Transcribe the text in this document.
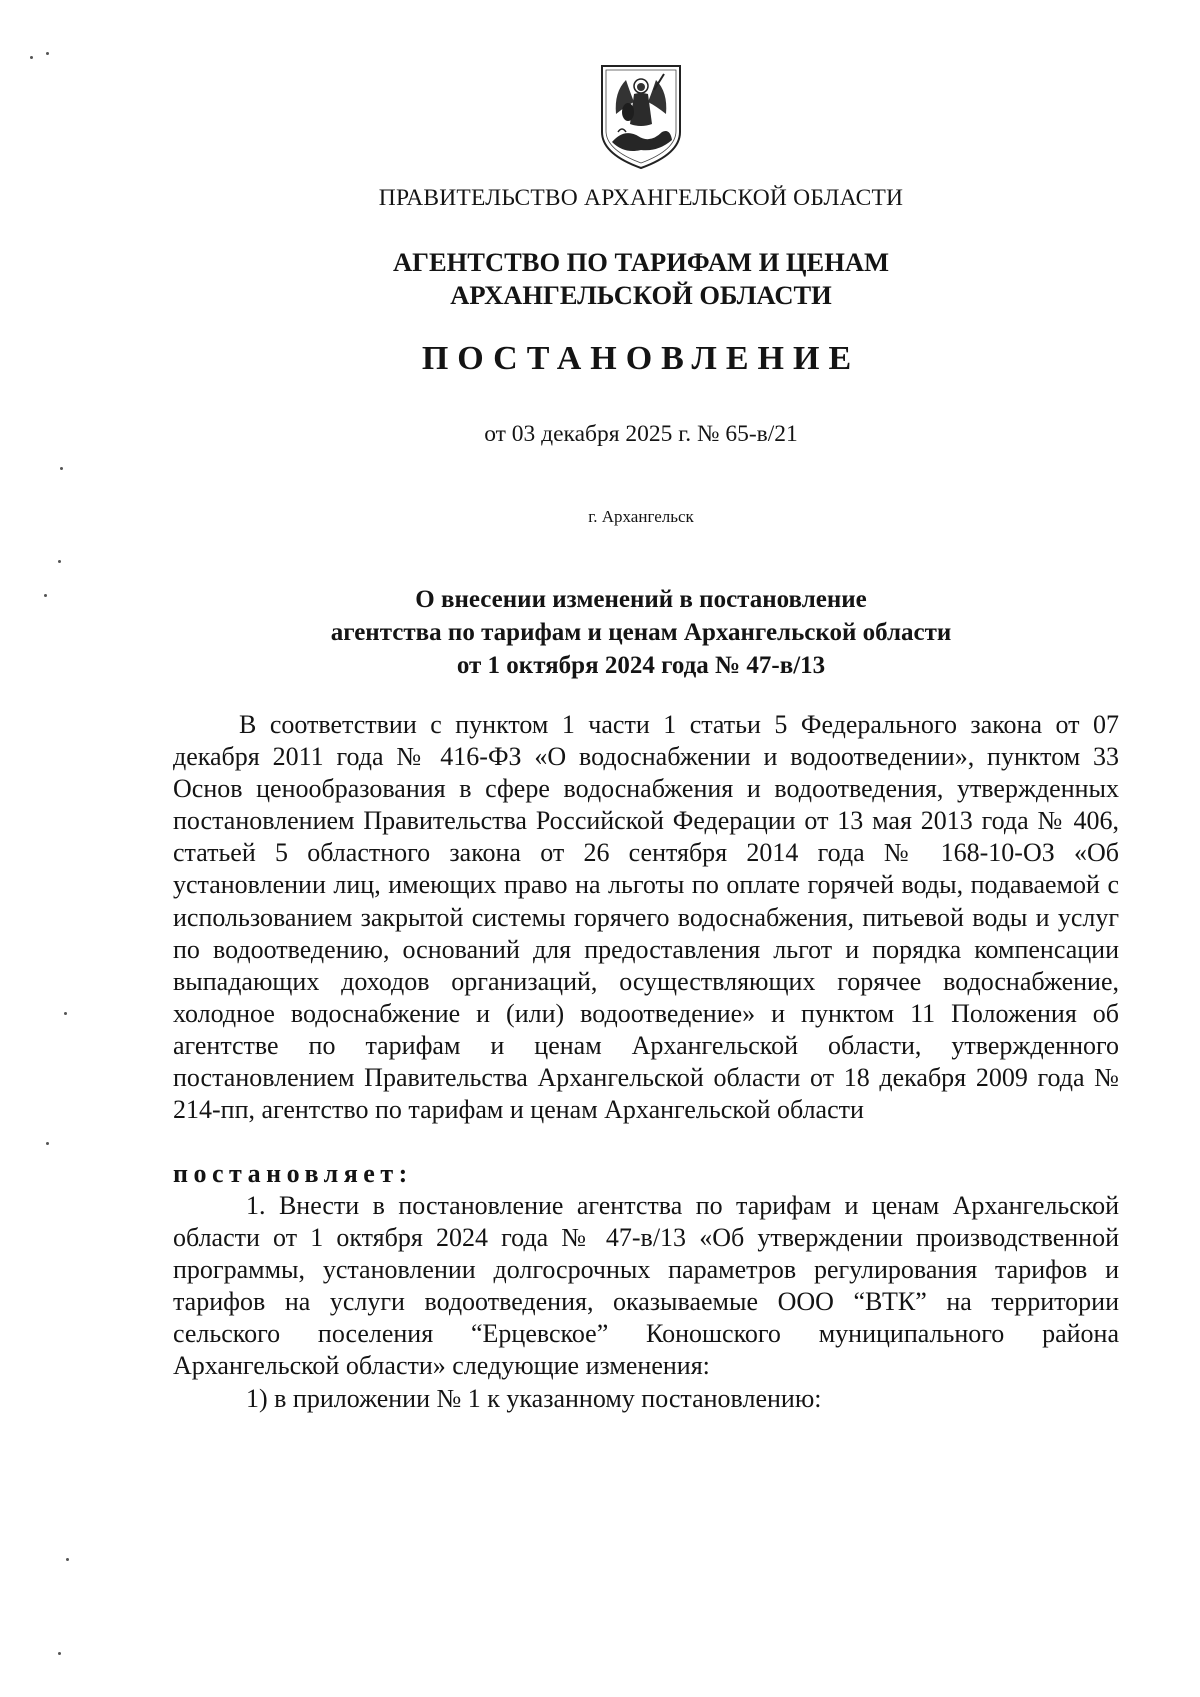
ПРАВИТЕЛЬСТВО АРХАНГЕЛЬСКОЙ ОБЛАСТИ
АГЕНТСТВО ПО ТАРИФАМ И ЦЕНАМ
АРХАНГЕЛЬСКОЙ ОБЛАСТИ
ПОСТАНОВЛЕНИЕ
от 03 декабря 2025 г. № 65-в/21
г. Архангельск
О внесении изменений в постановление
агентства по тарифам и ценам Архангельской области
от 1 октября 2024 года № 47-в/13
В соответствии с пунктом 1 части 1 статьи 5 Федерального закона от 07 декабря 2011 года № 416-ФЗ «О водоснабжении и водоотведении», пунктом 33 Основ ценообразования в сфере водоснабжения и водоотведения, утвержденных постановлением Правительства Российской Федерации от 13 мая 2013 года № 406, статьей 5 областного закона от 26 сентября 2014 года № 168-10-ОЗ «Об установлении лиц, имеющих право на льготы по оплате горячей воды, подаваемой с использованием закрытой системы горячего водоснабжения, питьевой воды и услуг по водоотведению, оснований для предоставления льгот и порядка компенсации выпадающих доходов организаций, осуществляющих горячее водоснабжение, холодное водоснабжение и (или) водоотведение» и пунктом 11 Положения об агентстве по тарифам и ценам Архангельской области, утвержденного постановлением Правительства Архангельской области от 18 декабря 2009 года № 214-пп, агентство по тарифам и ценам Архангельской области
постановляет:
1. Внести в постановление агентства по тарифам и ценам Архангельской области от 1 октября 2024 года № 47-в/13 «Об утверждении производственной программы, установлении долгосрочных параметров регулирования тарифов и тарифов на услуги водоотведения, оказываемые ООО “ВТК” на территории сельского поселения “Ерцевское” Коношского муниципального района Архангельской области» следующие изменения:
1) в приложении № 1 к указанному постановлению:
